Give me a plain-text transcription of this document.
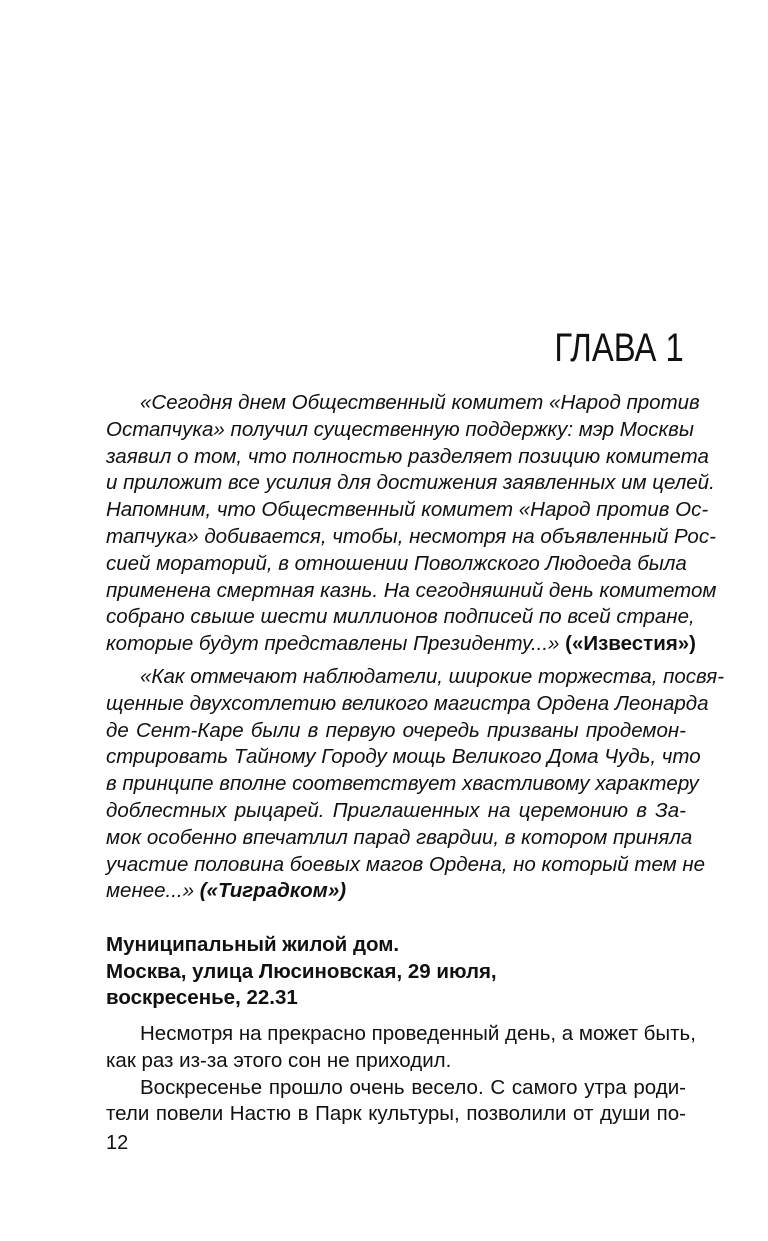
ГЛАВА 1
«Сегодня днем Общественный комитет «Народ против
Остапчука» получил существенную поддержку: мэр Москвы
заявил о том, что полностью разделяет позицию комитета
и приложит все усилия для достижения заявленных им целей.
Напомним, что Общественный комитет «Народ против Ос-
тапчука» добивается, чтобы, несмотря на объявленный Рос-
сией мораторий, в отношении Поволжского Людоеда была
применена смертная казнь. На сегодняшний день комитетом
собрано свыше шести миллионов подписей по всей стране,
которые будут представлены Президенту...» («Известия»)
«Как отмечают наблюдатели, широкие торжества, посвя-
щенные двухсотлетию великого магистра Ордена Леонарда
де Сент-Каре были в первую очередь призваны продемон-
стрировать Тайному Городу мощь Великого Дома Чудь, что
в принципе вполне соответствует хвастливому характеру
доблестных рыцарей. Приглашенных на церемонию в За-
мок особенно впечатлил парад гвардии, в котором приняла
участие половина боевых магов Ордена, но который тем не
менее...» («Тиградком»)
Муниципальный жилой дом.
Москва, улица Люсиновская, 29 июля,
воскресенье, 22.31
Несмотря на прекрасно проведенный день, а может быть,
как раз из-за этого сон не приходил.
Воскресенье прошло очень весело. С самого утра роди-
тели повели Настю в Парк культуры, позволили от души по-
12
